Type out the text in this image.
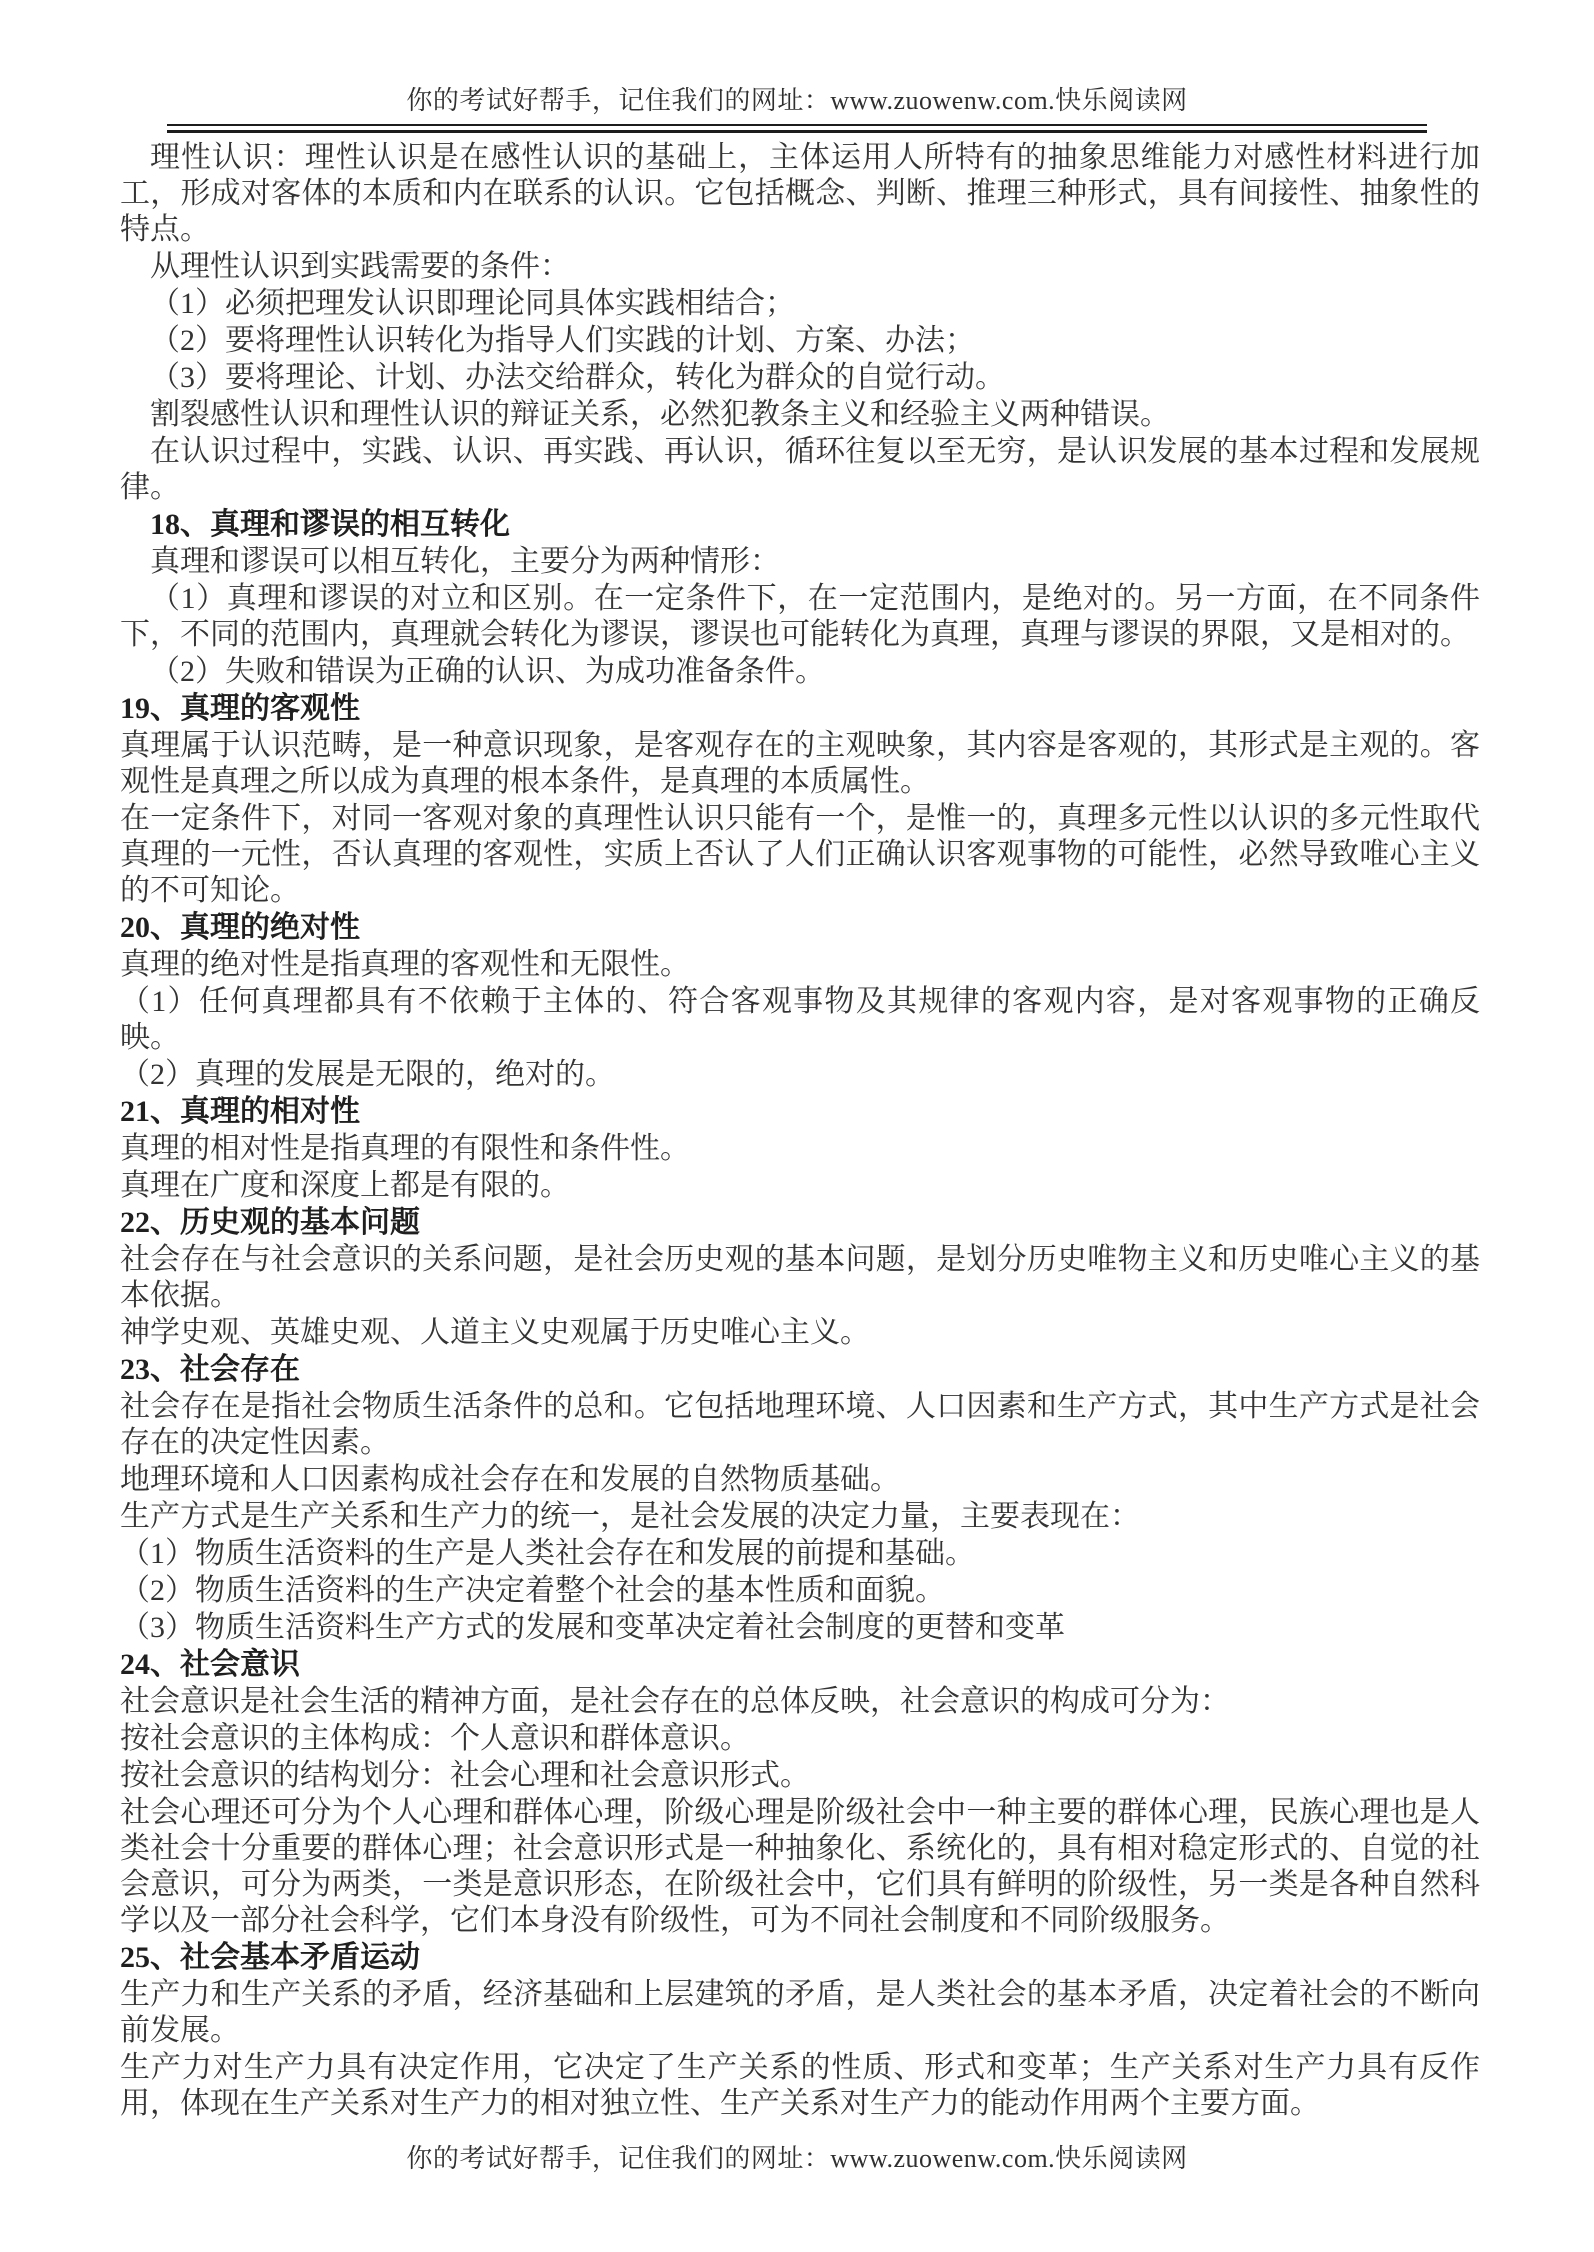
你的考试好帮手，记住我们的网址：www.zuowenw.com.快乐阅读网

理性认识：理性认识是在感性认识的基础上，主体运用人所特有的抽象思维能力对感性材料进行加工，形成对客体的本质和内在联系的认识。它包括概念、判断、推理三种形式，具有间接性、抽象性的特点。

从理性认识到实践需要的条件：

（1）必须把理发认识即理论同具体实践相结合；

（2）要将理性认识转化为指导人们实践的计划、方案、办法；

（3）要将理论、计划、办法交给群众，转化为群众的自觉行动。

割裂感性认识和理性认识的辩证关系，必然犯教条主义和经验主义两种错误。

在认识过程中，实践、认识、再实践、再认识，循环往复以至无穷，是认识发展的基本过程和发展规律。

18、真理和谬误的相互转化

真理和谬误可以相互转化，主要分为两种情形：

（1）真理和谬误的对立和区别。在一定条件下，在一定范围内，是绝对的。另一方面，在不同条件下，不同的范围内，真理就会转化为谬误，谬误也可能转化为真理，真理与谬误的界限，又是相对的。

（2）失败和错误为正确的认识、为成功准备条件。

19、真理的客观性

真理属于认识范畴，是一种意识现象，是客观存在的主观映象，其内容是客观的，其形式是主观的。客观性是真理之所以成为真理的根本条件，是真理的本质属性。

在一定条件下，对同一客观对象的真理性认识只能有一个，是惟一的，真理多元性以认识的多元性取代真理的一元性，否认真理的客观性，实质上否认了人们正确认识客观事物的可能性，必然导致唯心主义的不可知论。

20、真理的绝对性

真理的绝对性是指真理的客观性和无限性。

（1）任何真理都具有不依赖于主体的、符合客观事物及其规律的客观内容，是对客观事物的正确反映。

（2）真理的发展是无限的，绝对的。

21、真理的相对性

真理的相对性是指真理的有限性和条件性。

真理在广度和深度上都是有限的。

22、历史观的基本问题

社会存在与社会意识的关系问题，是社会历史观的基本问题，是划分历史唯物主义和历史唯心主义的基本依据。

神学史观、英雄史观、人道主义史观属于历史唯心主义。

23、社会存在

社会存在是指社会物质生活条件的总和。它包括地理环境、人口因素和生产方式，其中生产方式是社会存在的决定性因素。

地理环境和人口因素构成社会存在和发展的自然物质基础。

生产方式是生产关系和生产力的统一，是社会发展的决定力量，主要表现在：

（1）物质生活资料的生产是人类社会存在和发展的前提和基础。

（2）物质生活资料的生产决定着整个社会的基本性质和面貌。

（3）物质生活资料生产方式的发展和变革决定着社会制度的更替和变革

24、社会意识

社会意识是社会生活的精神方面，是社会存在的总体反映，社会意识的构成可分为：

按社会意识的主体构成：个人意识和群体意识。

按社会意识的结构划分：社会心理和社会意识形式。

社会心理还可分为个人心理和群体心理，阶级心理是阶级社会中一种主要的群体心理，民族心理也是人类社会十分重要的群体心理；社会意识形式是一种抽象化、系统化的，具有相对稳定形式的、自觉的社会意识，可分为两类，一类是意识形态，在阶级社会中，它们具有鲜明的阶级性，另一类是各种自然科学以及一部分社会科学，它们本身没有阶级性，可为不同社会制度和不同阶级服务。

25、社会基本矛盾运动

生产力和生产关系的矛盾，经济基础和上层建筑的矛盾，是人类社会的基本矛盾，决定着社会的不断向前发展。

生产力对生产力具有决定作用，它决定了生产关系的性质、形式和变革；生产关系对生产力具有反作用，体现在生产关系对生产力的相对独立性、生产关系对生产力的能动作用两个主要方面。

你的考试好帮手，记住我们的网址：www.zuowenw.com.快乐阅读网
